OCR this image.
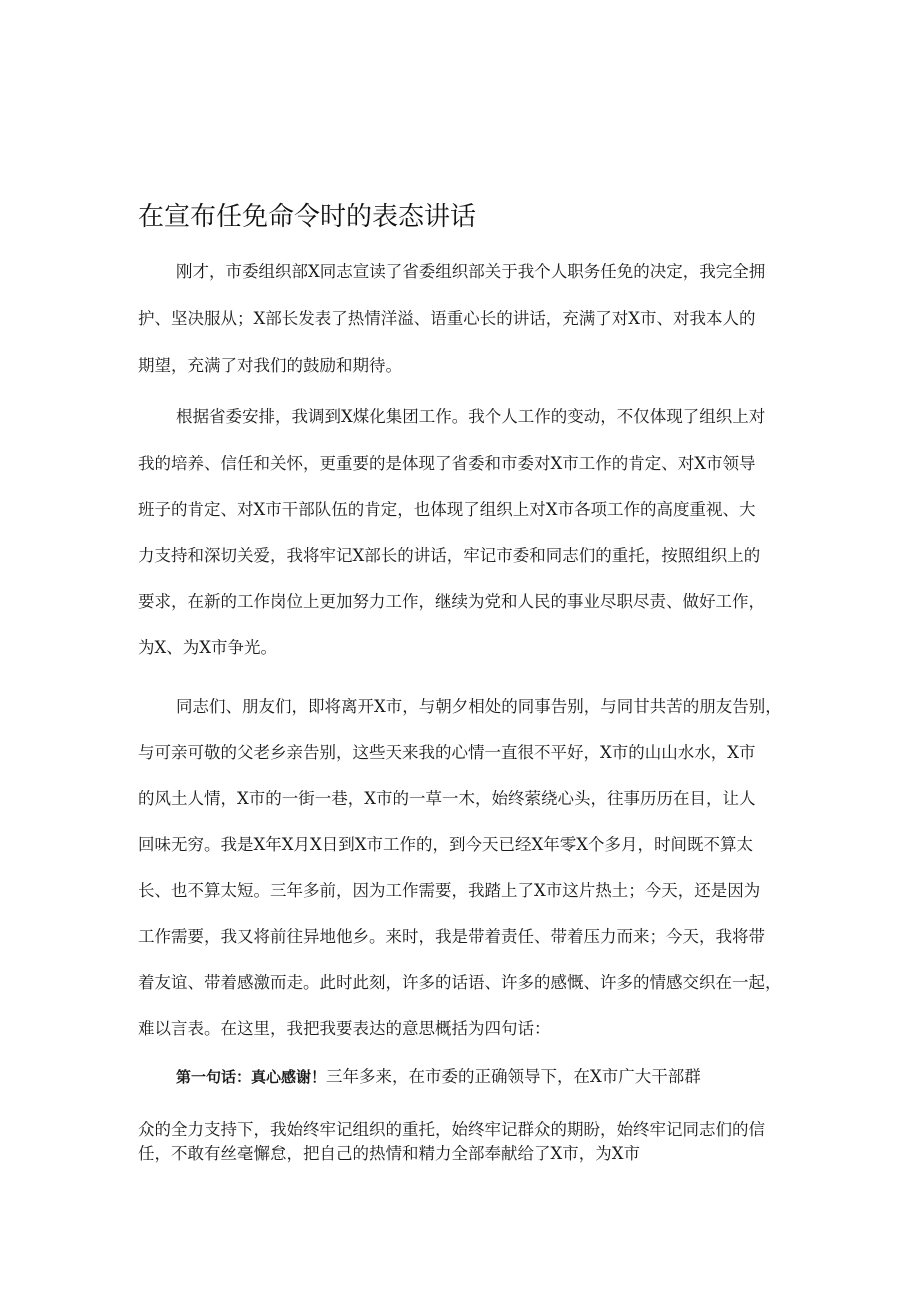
在宣布任免命令时的表态讲话

刚才，市委组织部X同志宣读了省委组织部关于我个人职务任免的决定，我完全拥

护、坚决服从；X部长发表了热情洋溢、语重心长的讲话，充满了对X市、对我本人的

期望，充满了对我们的鼓励和期待。

根据省委安排，我调到X煤化集团工作。我个人工作的变动，不仅体现了组织上对

我的培养、信任和关怀，更重要的是体现了省委和市委对X市工作的肯定、对X市领导

班子的肯定、对X市干部队伍的肯定，也体现了组织上对X市各项工作的高度重视、大

力支持和深切关爱，我将牢记X部长的讲话，牢记市委和同志们的重托，按照组织上的

要求，在新的工作岗位上更加努力工作，继续为党和人民的事业尽职尽责、做好工作，

为X、为X市争光。

同志们、朋友们，即将离开X市，与朝夕相处的同事告别，与同甘共苦的朋友告别，

与可亲可敬的父老乡亲告别，这些天来我的心情一直很不平好，X市的山山水水，X市

的风土人情，X市的一街一巷，X市的一草一木，始终萦绕心头，往事历历在目，让人

回味无穷。我是X年X月X日到X市工作的，到今天已经X年零X个多月，时间既不算太

长、也不算太短。三年多前，因为工作需要，我踏上了X市这片热土；今天，还是因为

工作需要，我又将前往异地他乡。来时，我是带着责任、带着压力而来；今天，我将带

着友谊、带着感激而走。此时此刻，许多的话语、许多的感慨、许多的情感交织在一起，

难以言表。在这里，我把我要表达的意思概括为四句话：

第一句话：真心感谢！三年多来，在市委的正确领导下，在X市广大干部群

众的全力支持下，我始终牢记组织的重托，始终牢记群众的期盼，始终牢记同志们的信

任，不敢有丝毫懈怠，把自己的热情和精力全部奉献给了X市，为X市
